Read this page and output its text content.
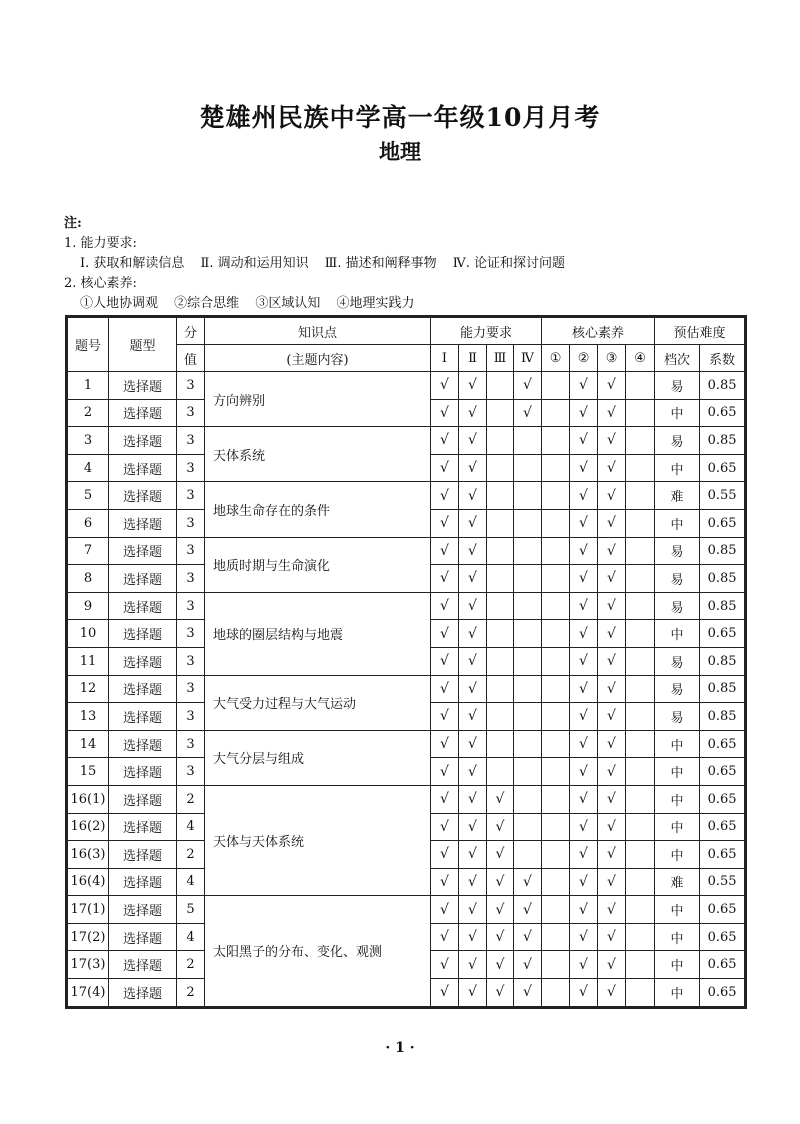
楚雄州民族中学高一年级10月月考
地理
注:
1. 能力要求:
Ⅰ. 获取和解读信息 Ⅱ. 调动和运用知识 Ⅲ. 描述和阐释事物 Ⅳ. 论证和探讨问题
2. 核心素养:
①人地协调观 ②综合思维 ③区域认知 ④地理实践力
题号	题型	分	知识点	能力要求				核心素养				预估难度	
		值	(主题内容)	Ⅰ	Ⅱ	Ⅲ	Ⅳ	①	②	③	④	档次	系数
1	选择题	3	方向辨别	√	√		√		√	√		易	0.85
2	选择题	3		√	√		√		√	√		中	0.65
3	选择题	3	天体系统	√	√				√	√		易	0.85
4	选择题	3		√	√				√	√		中	0.65
5	选择题	3	地球生命存在的条件	√	√				√	√		难	0.55
6	选择题	3		√	√				√	√		中	0.65
7	选择题	3	地质时期与生命演化	√	√				√	√		易	0.85
8	选择题	3		√	√				√	√		易	0.85
9	选择题	3	地球的圈层结构与地震	√	√				√	√		易	0.85
10	选择题	3		√	√				√	√		中	0.65
11	选择题	3		√	√				√	√		易	0.85
12	选择题	3	大气受力过程与大气运动	√	√				√	√		易	0.85
13	选择题	3		√	√				√	√		易	0.85
14	选择题	3	大气分层与组成	√	√				√	√		中	0.65
15	选择题	3		√	√				√	√		中	0.65
16(1)	选择题	2	天体与天体系统	√	√	√			√	√		中	0.65
16(2)	选择题	4		√	√	√			√	√		中	0.65
16(3)	选择题	2		√	√	√			√	√		中	0.65
16(4)	选择题	4		√	√	√	√		√	√		难	0.55
17(1)	选择题	5	太阳黑子的分布、变化、观测	√	√	√	√		√	√		中	0.65
17(2)	选择题	4		√	√	√	√		√	√		中	0.65
17(3)	选择题	2		√	√	√	√		√	√		中	0.65
17(4)	选择题	2		√	√	√	√		√	√		中	0.65
· 1 ·
